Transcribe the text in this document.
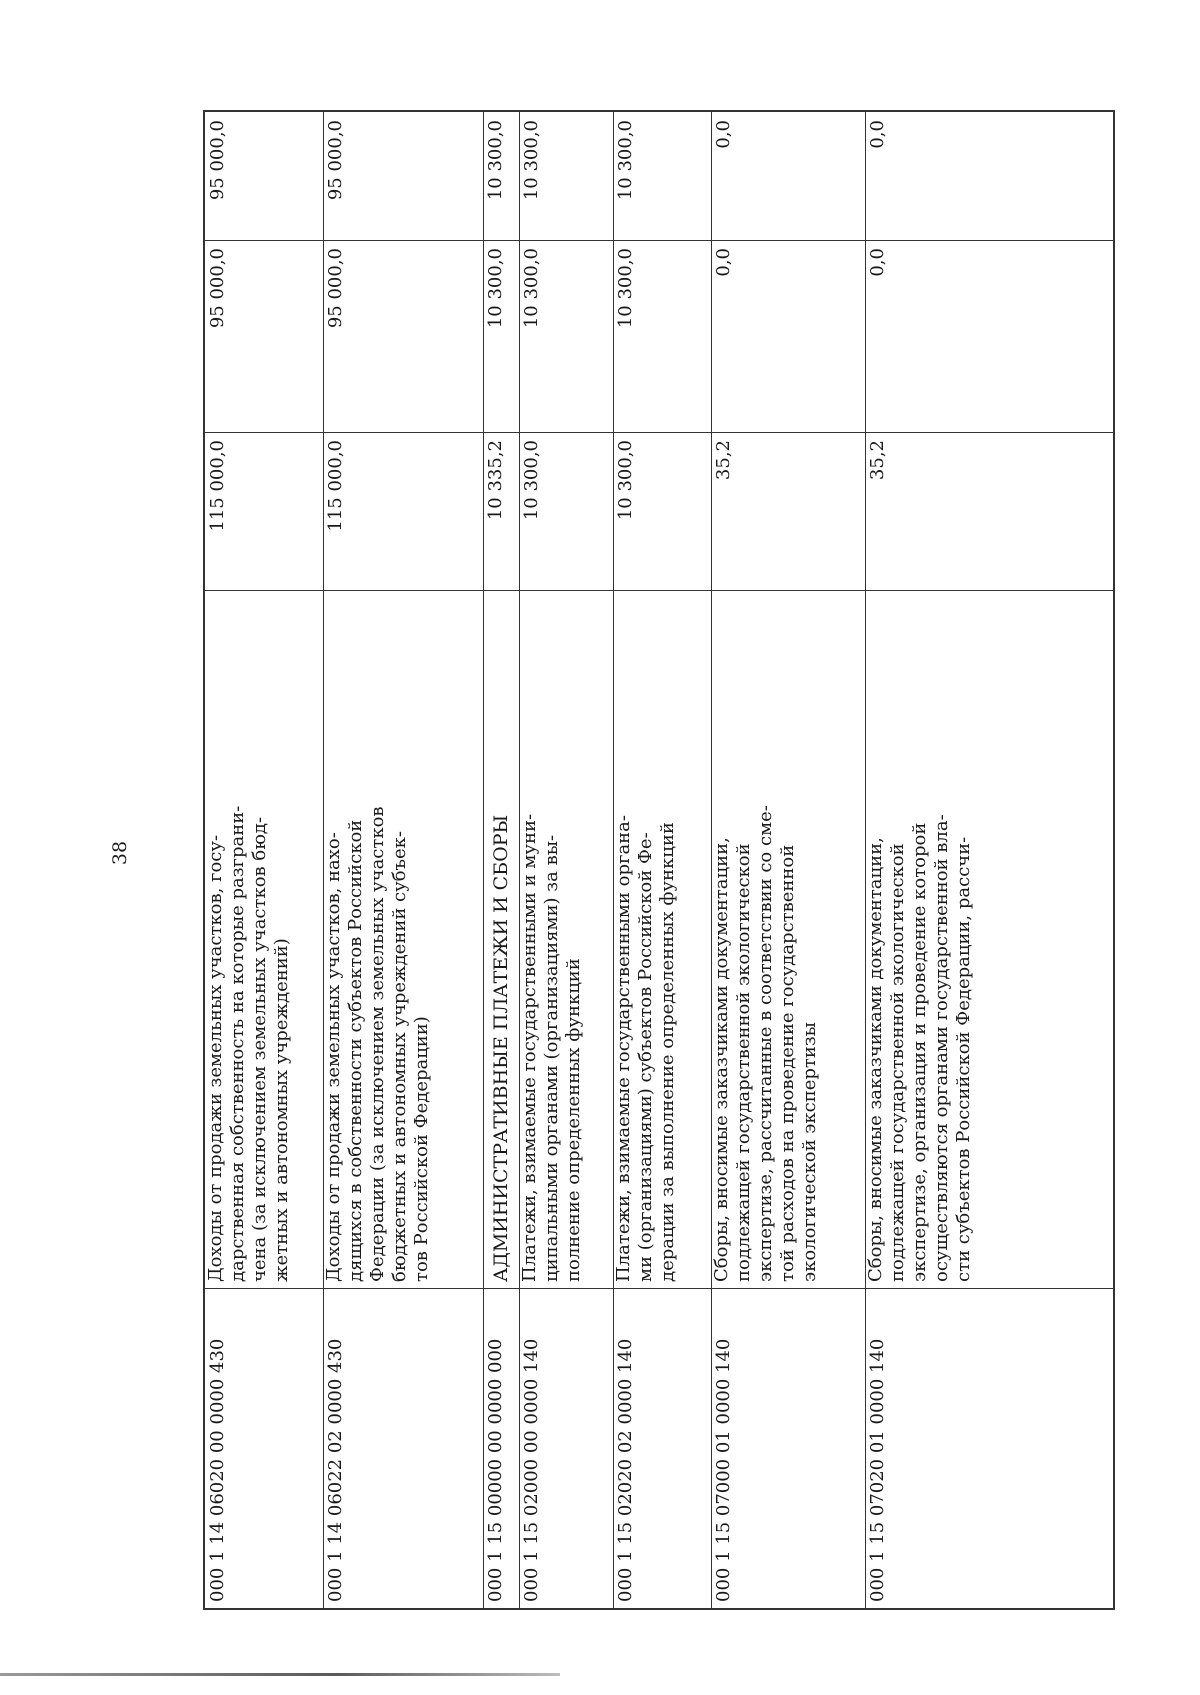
38
95 000,0
95 000,0
115 000,0
Доходы от продажи земельных участков, госу- дарственная собственность на которые разграни- чена (за исключением земельных участков бюд- жетных и автономных учреждений)
000 1 14 06020 00 0000 430
95 000,0
95 000,0
115 000,0
Доходы от продажи земельных участков, нахо- дящихся в собственности субъектов Российской Федерации (за исключением земельных участков бюджетных и автономных учреждений субъек- тов Российской Федерации)
000 1 14 06022 02 0000 430
10 300,0
10 300,0
10 335,2
АДМИНИСТРАТИВНЫЕ ПЛАТЕЖИ И СБОРЫ
000 1 15 00000 00 0000 000
10 300,0
10 300,0
10 300,0
Платежи, взимаемые государственными и муни- ципальными органами (организациями) за вы- полнение определенных функций
000 1 15 02000 00 0000 140
10 300,0
10 300,0
10 300,0
Платежи, взимаемые государственными органа- ми (организациями) субъектов Российской Фе- дерации за выполнение определенных функций
000 1 15 02020 02 0000 140
0,0
0,0
35,2
Сборы, вносимые заказчиками документации, подлежащей государственной экологической экспертизе, рассчитанные в соответствии со сме- той расходов на проведение государственной экологической экспертизы
000 1 15 07000 01 0000 140
0,0
0,0
35,2
Сборы, вносимые заказчиками документации, подлежащей государственной экологической экспертизе, организация и проведение которой осуществляются органами государственной вла- сти субъектов Российской Федерации, рассчи-
000 1 15 07020 01 0000 140
